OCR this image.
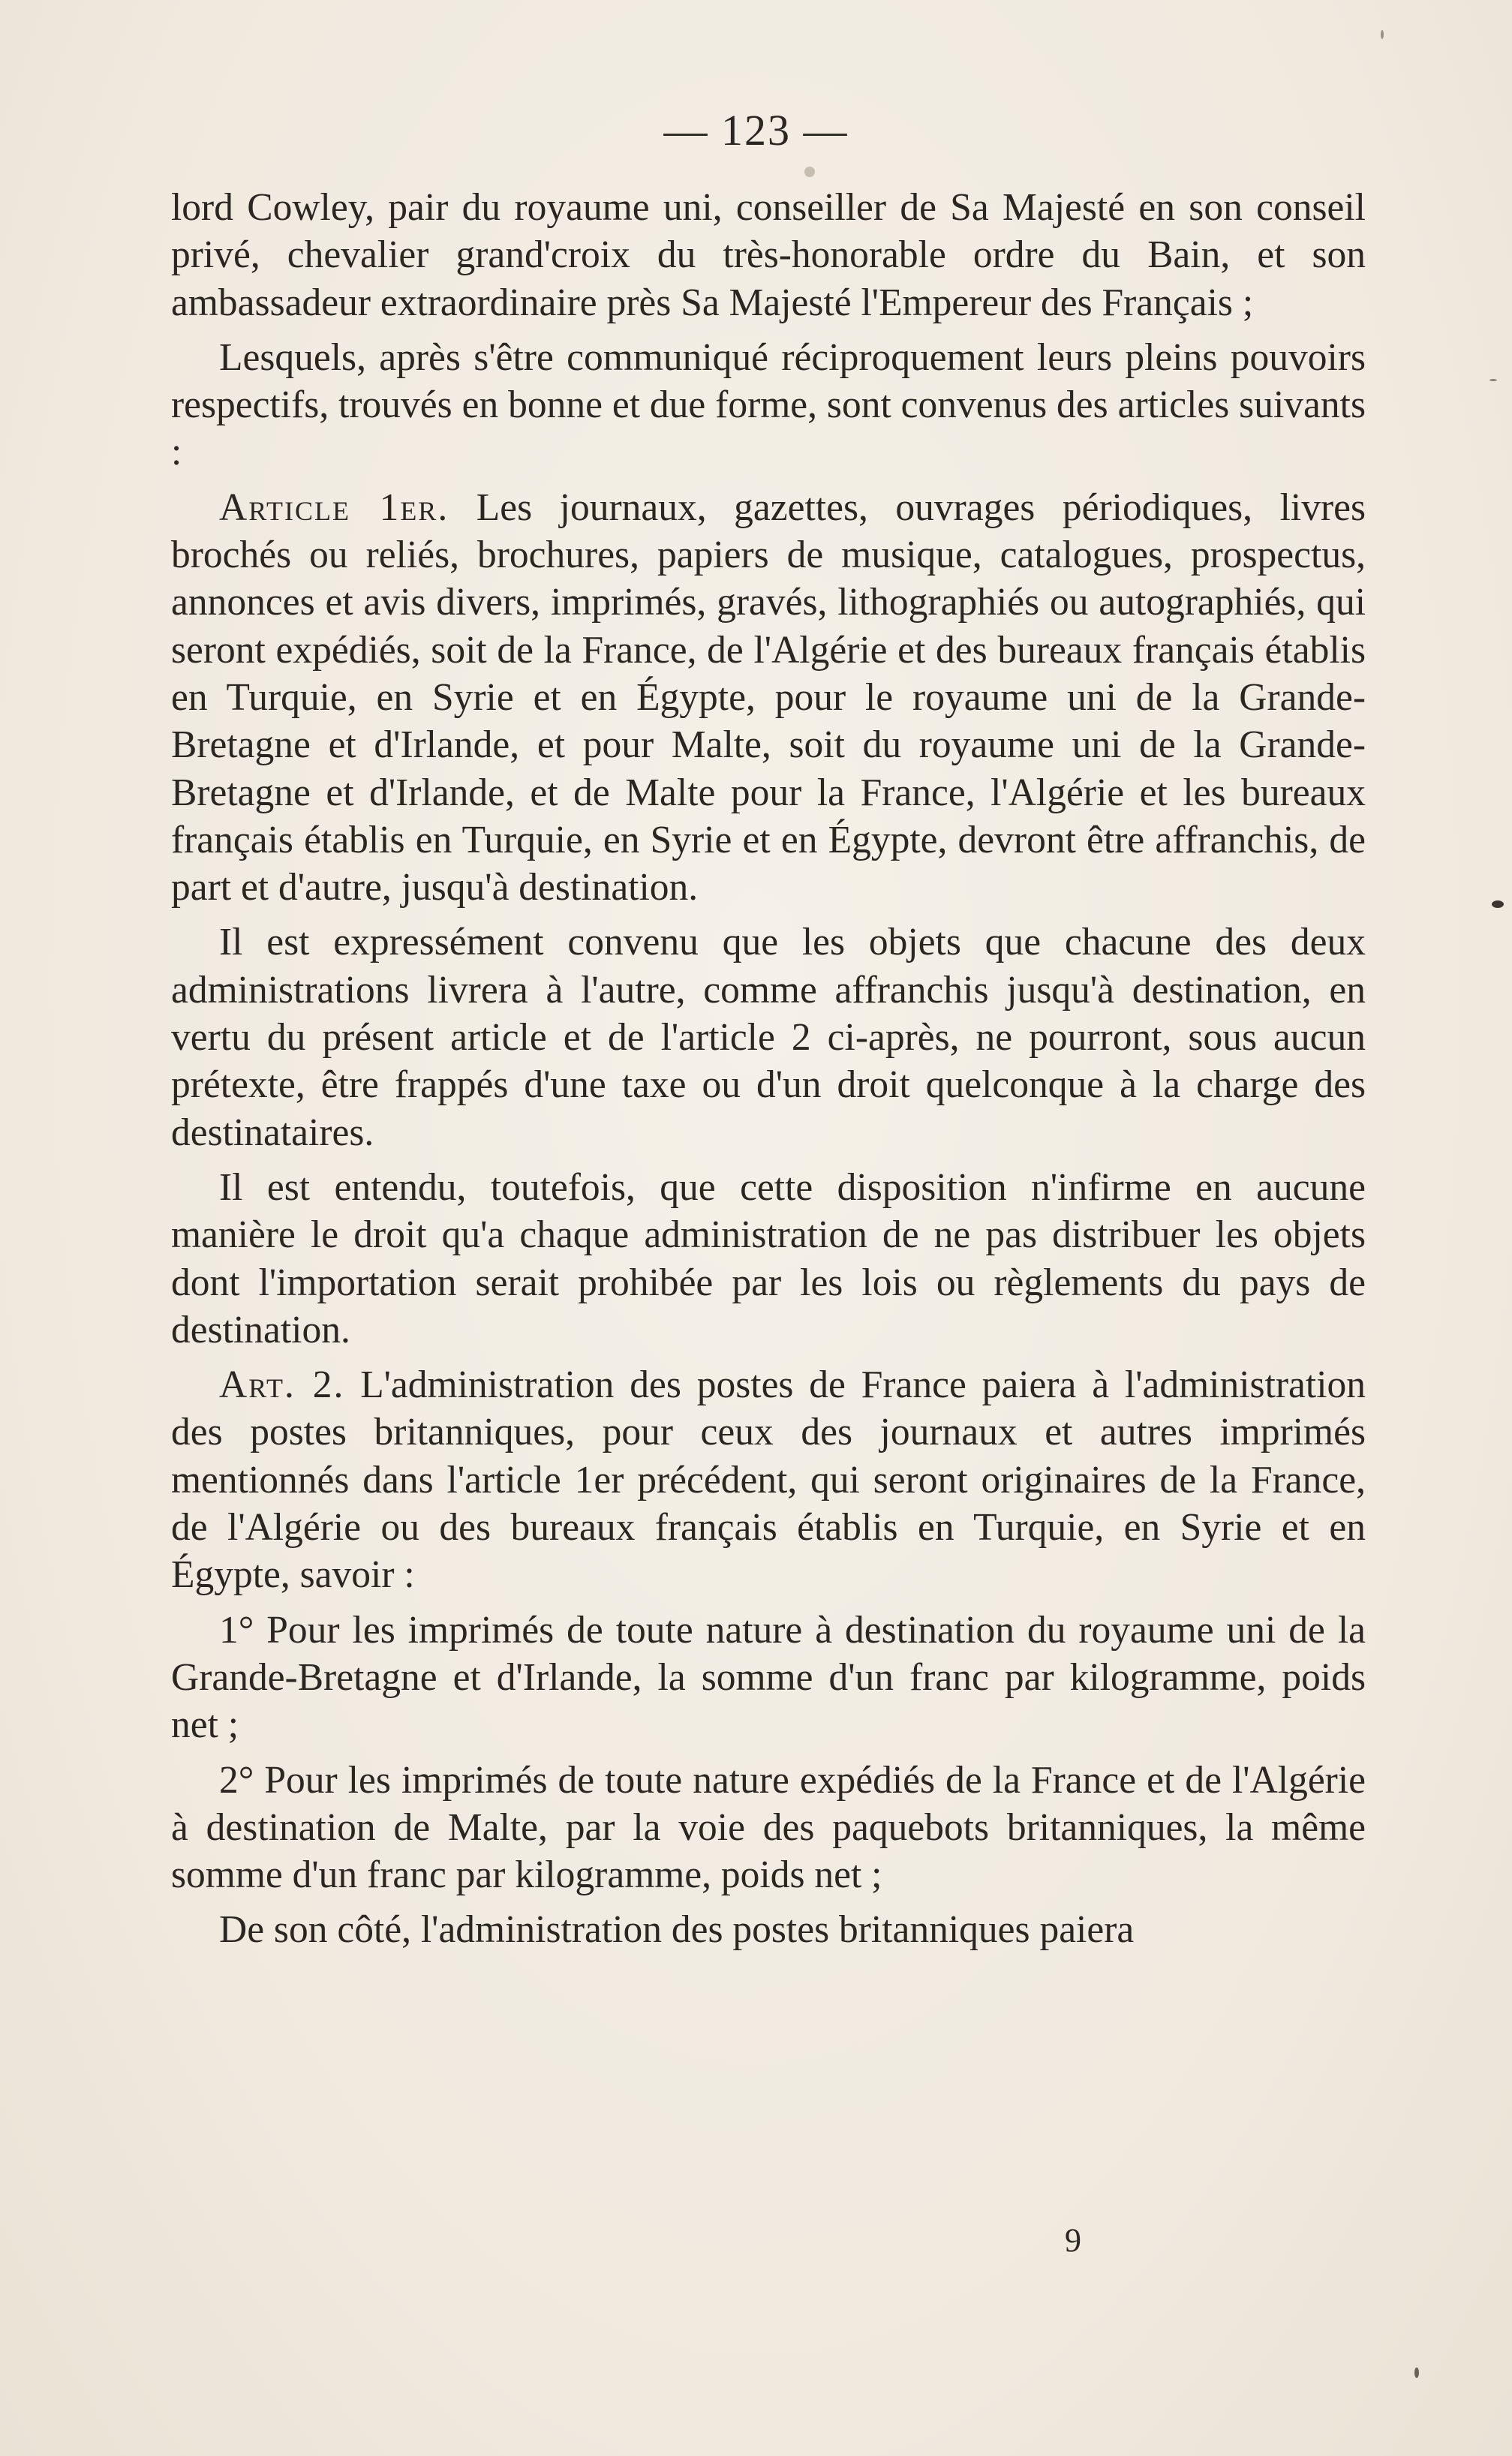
— 123 —

lord Cowley, pair du royaume uni, conseiller de Sa Majesté en son conseil privé, chevalier grand'croix du très-honorable ordre du Bain, et son ambassadeur extraordinaire près Sa Majesté l'Empereur des Français ;

Lesquels, après s'être communiqué réciproquement leurs pleins pouvoirs respectifs, trouvés en bonne et due forme, sont convenus des articles suivants :

Article 1er. Les journaux, gazettes, ouvrages périodiques, livres brochés ou reliés, brochures, papiers de musique, catalogues, prospectus, annonces et avis divers, imprimés, gravés, lithographiés ou autographiés, qui seront expédiés, soit de la France, de l'Algérie et des bureaux français établis en Turquie, en Syrie et en Égypte, pour le royaume uni de la Grande-Bretagne et d'Irlande, et pour Malte, soit du royaume uni de la Grande-Bretagne et d'Irlande, et de Malte pour la France, l'Algérie et les bureaux français établis en Turquie, en Syrie et en Égypte, devront être affranchis, de part et d'autre, jusqu'à destination.

Il est expressément convenu que les objets que chacune des deux administrations livrera à l'autre, comme affranchis jusqu'à destination, en vertu du présent article et de l'article 2 ci-après, ne pourront, sous aucun prétexte, être frappés d'une taxe ou d'un droit quelconque à la charge des destinataires.

Il est entendu, toutefois, que cette disposition n'infirme en aucune manière le droit qu'a chaque administration de ne pas distribuer les objets dont l'importation serait prohibée par les lois ou règlements du pays de destination.

Art. 2. L'administration des postes de France paiera à l'administration des postes britanniques, pour ceux des journaux et autres imprimés mentionnés dans l'article 1er précédent, qui seront originaires de la France, de l'Algérie ou des bureaux français établis en Turquie, en Syrie et en Égypte, savoir :

1° Pour les imprimés de toute nature à destination du royaume uni de la Grande-Bretagne et d'Irlande, la somme d'un franc par kilogramme, poids net ;

2° Pour les imprimés de toute nature expédiés de la France et de l'Algérie à destination de Malte, par la voie des paquebots britanniques, la même somme d'un franc par kilogramme, poids net ;

De son côté, l'administration des postes britanniques paiera

9
